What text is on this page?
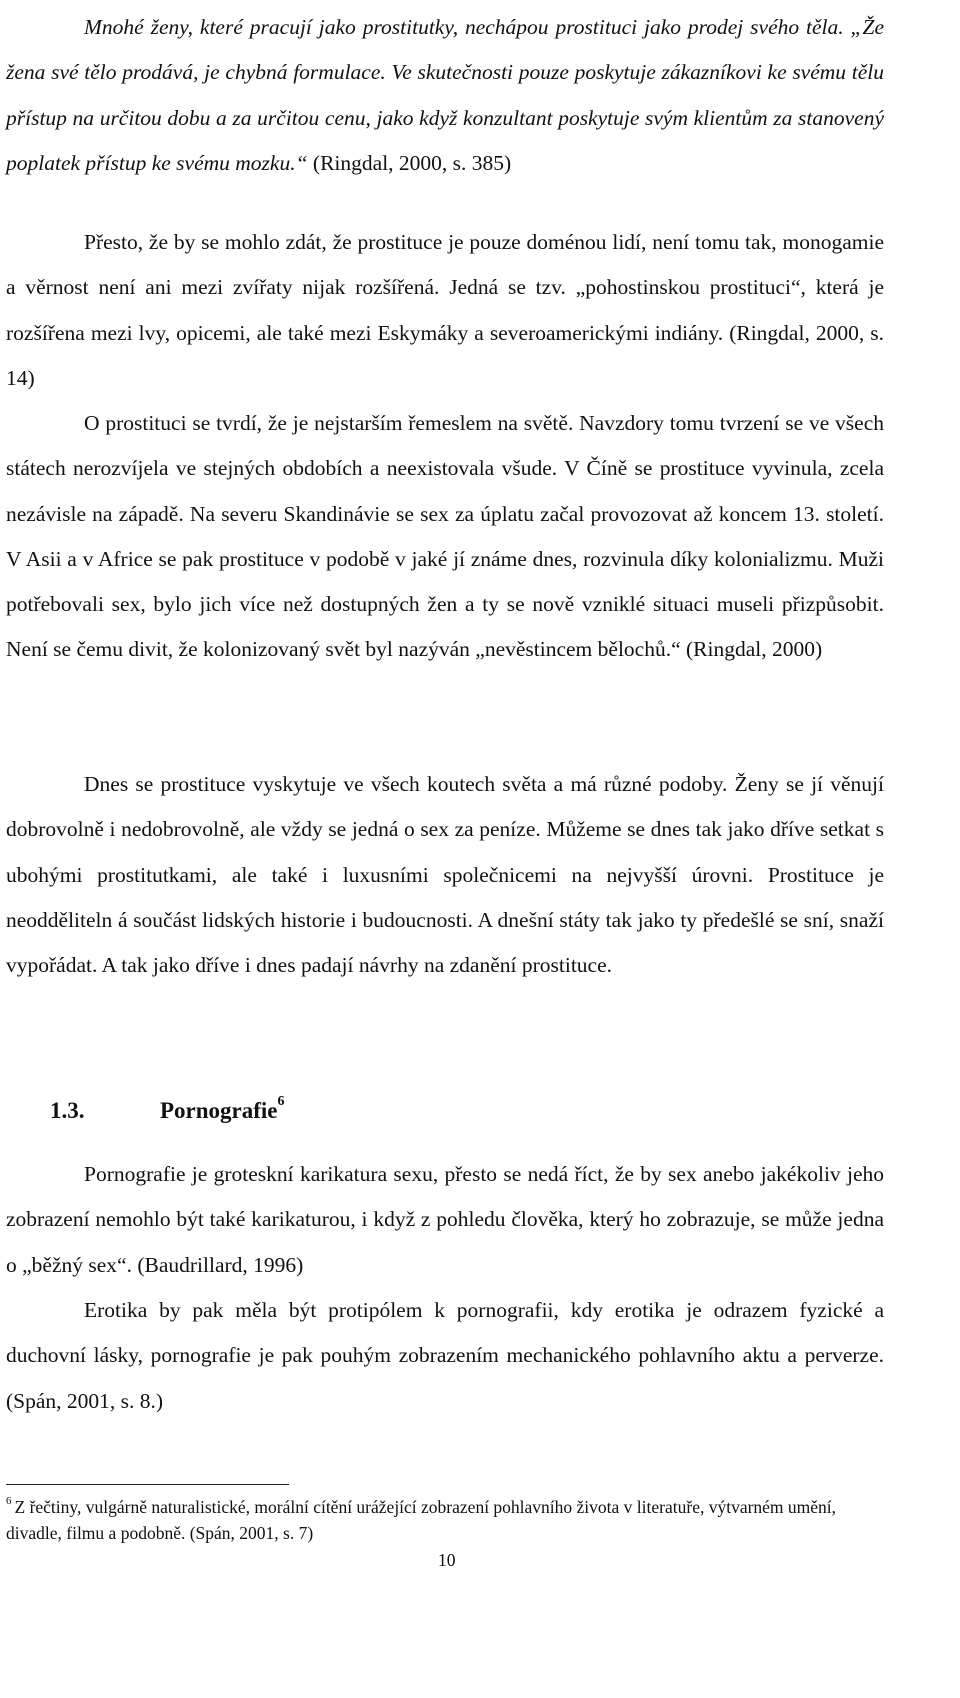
Mnohé ženy, které pracují jako prostitutky, nechápou prostituci jako prodej svého těla. „Že žena své tělo prodává, je chybná formulace. Ve skutečnosti pouze poskytuje zákazníkovi ke svému tělu přístup na určitou dobu a za určitou cenu, jako když konzultant poskytuje svým klientům za stanovený poplatek přístup ke svému mozku.“ (Ringdal, 2000, s. 385)

Přesto, že by se mohlo zdát, že prostituce je pouze doménou lidí, není tomu tak, monogamie a věrnost není ani mezi zvířaty nijak rozšířená. Jedná se tzv. „pohostinskou prostituci“, která je rozšířena mezi lvy, opicemi, ale také mezi Eskymáky a severoamerickými indiány. (Ringdal, 2000, s. 14)

O prostituci se tvrdí, že je nejstarším řemeslem na světě. Navzdory tomu tvrzení se ve všech státech nerozvíjela ve stejných obdobích a neexistovala všude. V Číně se prostituce vyvinula, zcela nezávisle na západě. Na severu Skandinávie se sex za úplatu začal provozovat až koncem 13. století. V Asii a v Africe se pak prostituce v podobě v jaké jí známe dnes, rozvinula díky kolonializmu. Muži potřebovali sex, bylo jich více než dostupných žen a ty se nově vzniklé situaci museli přizpůsobit. Není se čemu divit, že kolonizovaný svět byl nazýván „nevěstincem bělochů.“ (Ringdal, 2000)

Dnes se prostituce vyskytuje ve všech koutech světa a má různé podoby. Ženy se jí věnují dobrovolně i nedobrovolně, ale vždy se jedná o sex za peníze. Můžeme se dnes tak jako dříve setkat s ubohými prostitutkami, ale také i luxusními společnicemi na nejvyšší úrovni. Prostituce je neodděliteln á součást lidských historie i budoucnosti. A dnešní státy tak jako ty předešlé se sní, snaží vypořádat. A tak jako dříve i dnes padají návrhy na zdanění prostituce.

1.3.	Pornografie$^6$

Pornografie je groteskní karikatura sexu, přesto se nedá říct, že by sex anebo jakékoliv jeho zobrazení nemohlo být také karikaturou, i když z pohledu člověka, který ho zobrazuje, se může jedna o „běžný sex“. (Baudrillard, 1996)

Erotika by pak měla být protipólem k pornografii, kdy erotika je odrazem fyzické a duchovní lásky, pornografie je pak pouhým zobrazením mechanického pohlavního aktu a perverze. (Spán, 2001, s. 8.)

$^6$ Z řečtiny, vulgárně naturalistické, morální cítění urážející zobrazení pohlavního života v literatuře, výtvarném umění, divadle, filmu a podobně. (Spán, 2001, s. 7)

10
